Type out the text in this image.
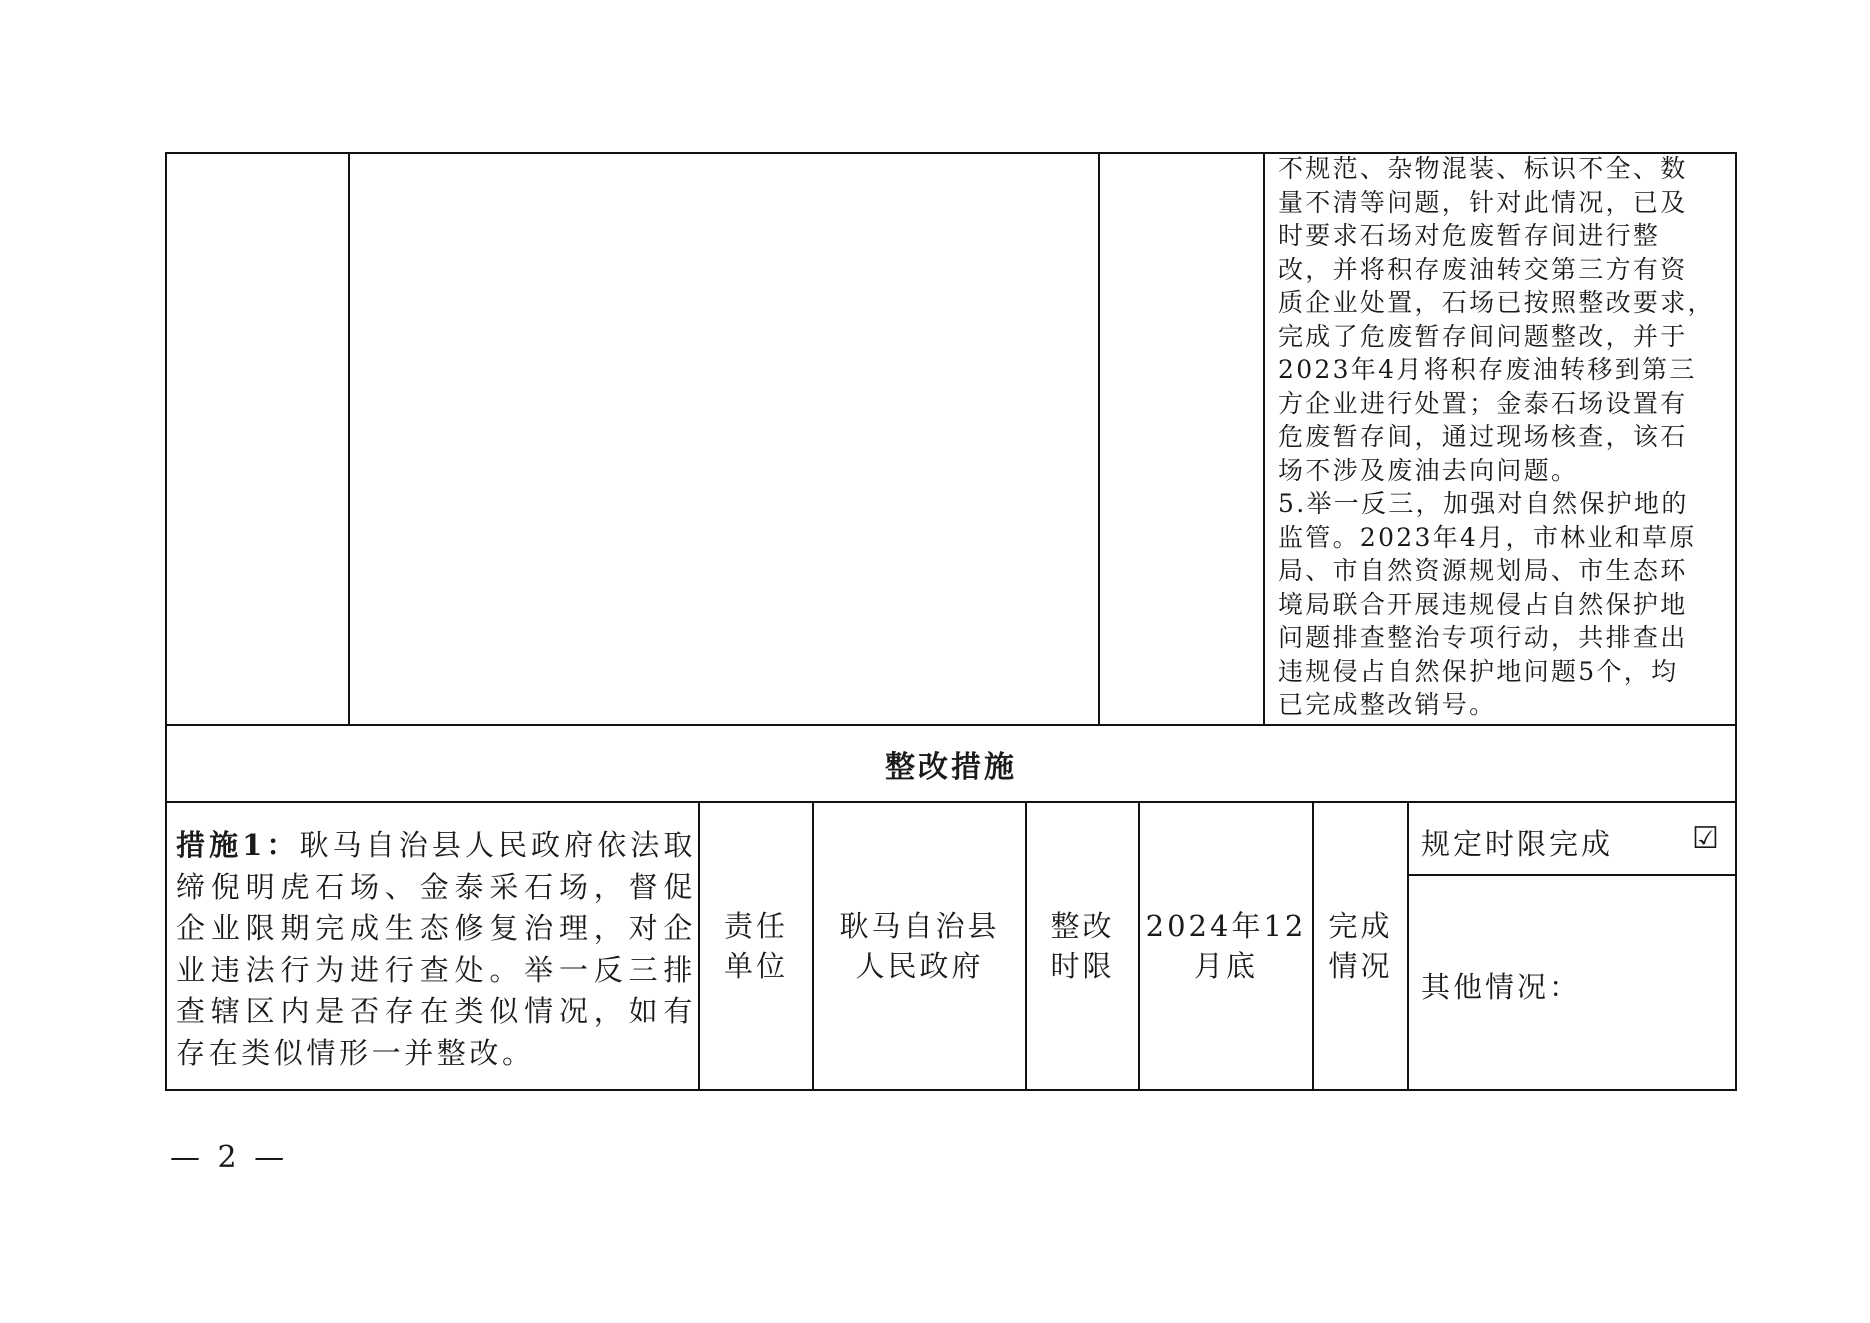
不规范、杂物混装、标识不全、数
量不清等问题，针对此情况，已及
时要求石场对危废暂存间进行整
改，并将积存废油转交第三方有资
质企业处置，石场已按照整改要求，
完成了危废暂存间问题整改，并于
2023年4月将积存废油转移到第三
方企业进行处置；金泰石场设置有
危废暂存间，通过现场核查，该石
场不涉及废油去向问题。
5.举一反三，加强对自然保护地的
监管。2023年4月，市林业和草原
局、市自然资源规划局、市生态环
境局联合开展违规侵占自然保护地
问题排查整治专项行动，共排查出
违规侵占自然保护地问题5个，均
已完成整改销号。
整改措施
措施1：耿马自治县人民政府依法取缔倪明虎石场、金泰采石场，督促企业限期完成生态修复治理，对企业违法行为进行查处。举一反三排查辖区内是否存在类似情况，如有存在类似情形一并整改。
责任
单位
耿马自治县
人民政府
整改
时限
2024年12
月底
完成
情况
规定时限完成	☑
其他情况：
— 2 —
